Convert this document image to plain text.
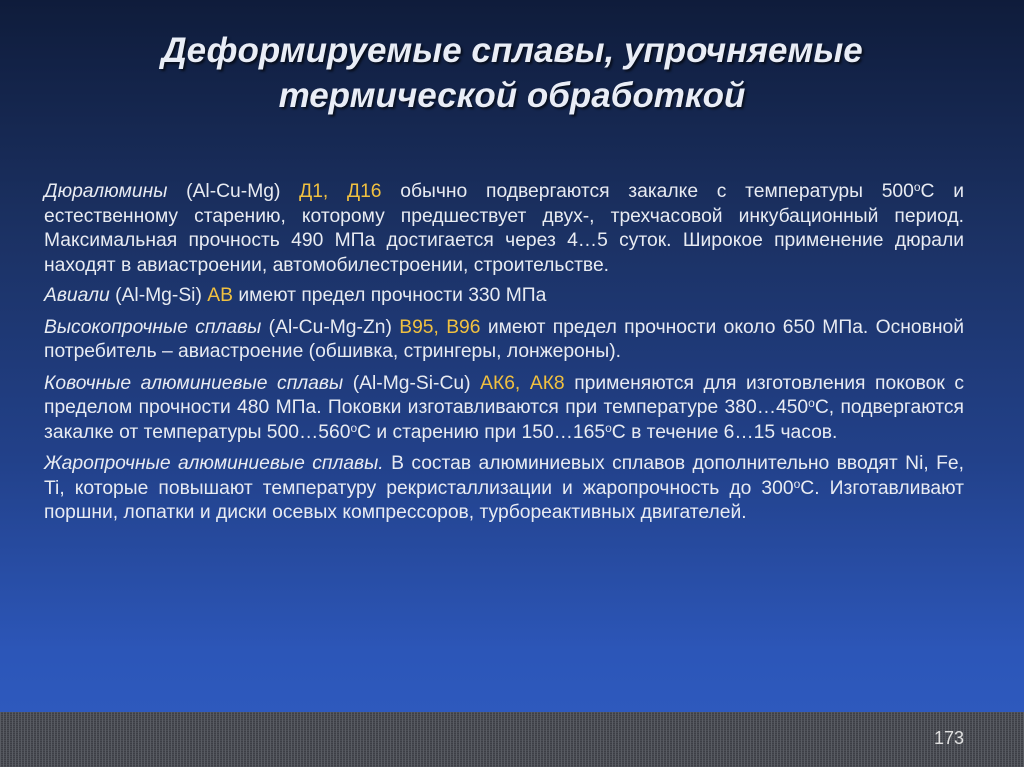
Деформируемые сплавы, упрочняемые
термической обработкой

Дюралюмины (Al-Cu-Mg) Д1, Д16 обычно подвергаются закалке с температуры $500^оС$ и естественному старению, которому предшествует двух-, трехчасовой инкубационный период. Максимальная прочность 490 МПа достигается через 4…5 суток. Широкое применение дюрали находят в авиастроении, автомобилестроении, строительстве.

Авиали (Al-Mg-Si) АВ имеют предел прочности 330 МПа

Высокопрочные сплавы (Al-Cu-Mg-Zn) В95, В96 имеют предел прочности около 650 МПа. Основной потребитель – авиастроение (обшивка, стрингеры, лонжероны).

Ковочные алюминиевые сплавы (Al-Mg-Si-Cu) АК6, АК8 применяются для изготовления поковок с пределом прочности 480 МПа. Поковки изготавливаются при температуре $380\dots 450^оС$, подвергаются закалке от температуры $500\dots 560^оС$ и старению при $150\dots 165^оС$ в течение 6…15 часов.

Жаропрочные алюминиевые сплавы. В состав алюминиевых сплавов дополнительно вводят Ni, Fe, Ti, которые повышают температуру рекристаллизации и жаропрочность до $300^оС$. Изготавливают поршни, лопатки и диски осевых компрессоров, турбореактивных двигателей.

173
